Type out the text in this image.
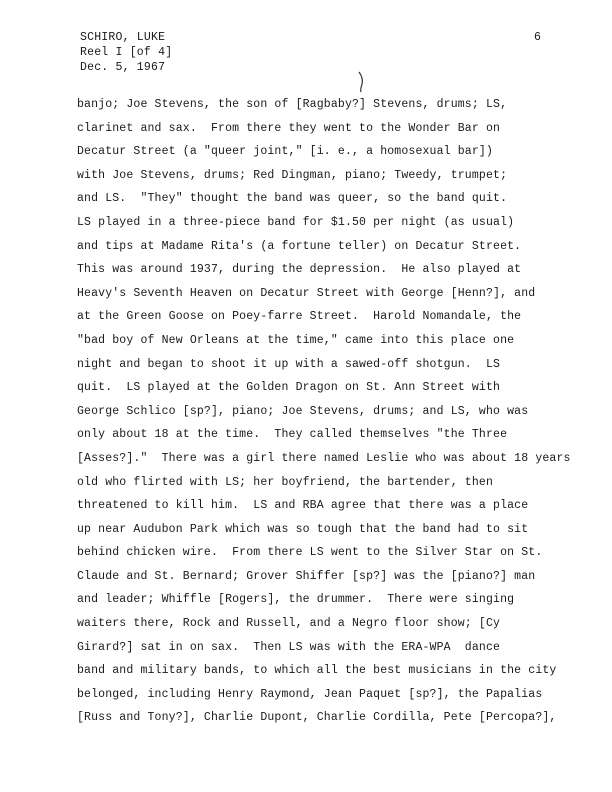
SCHIRO, LUKE
Reel I [of 4]
Dec. 5, 1967
6
banjo; Joe Stevens, the son of [Ragbaby?] Stevens, drums; LS,
clarinet and sax.  From there they went to the Wonder Bar on
Decatur Street (a "queer joint," [i. e., a homosexual bar])
with Joe Stevens, drums; Red Dingman, piano; Tweedy, trumpet;
and LS.  "They" thought the band was queer, so the band quit.
LS played in a three-piece band for $1.50 per night (as usual)
and tips at Madame Rita's (a fortune teller) on Decatur Street.
This was around 1937, during the depression.  He also played at
Heavy's Seventh Heaven on Decatur Street with George [Henn?], and
at the Green Goose on Poey-farre Street.  Harold Nomandale, the
"bad boy of New Orleans at the time," came into this place one
night and began to shoot it up with a sawed-off shotgun.  LS
quit.  LS played at the Golden Dragon on St. Ann Street with
George Schlico [sp?], piano; Joe Stevens, drums; and LS, who was
only about 18 at the time.  They called themselves "the Three
[Asses?]."  There was a girl there named Leslie who was about 18 years
old who flirted with LS; her boyfriend, the bartender, then
threatened to kill him.  LS and RBA agree that there was a place
up near Audubon Park which was so tough that the band had to sit
behind chicken wire.  From there LS went to the Silver Star on St.
Claude and St. Bernard; Grover Shiffer [sp?] was the [piano?] man
and leader; Whiffle [Rogers], the drummer.  There were singing
waiters there, Rock and Russell, and a Negro floor show; [Cy
Girard?] sat in on sax.  Then LS was with the ERA-WPA  dance
band and military bands, to which all the best musicians in the city
belonged, including Henry Raymond, Jean Paquet [sp?], the Papalias
[Russ and Tony?], Charlie Dupont, Charlie Cordilla, Pete [Percopa?],
